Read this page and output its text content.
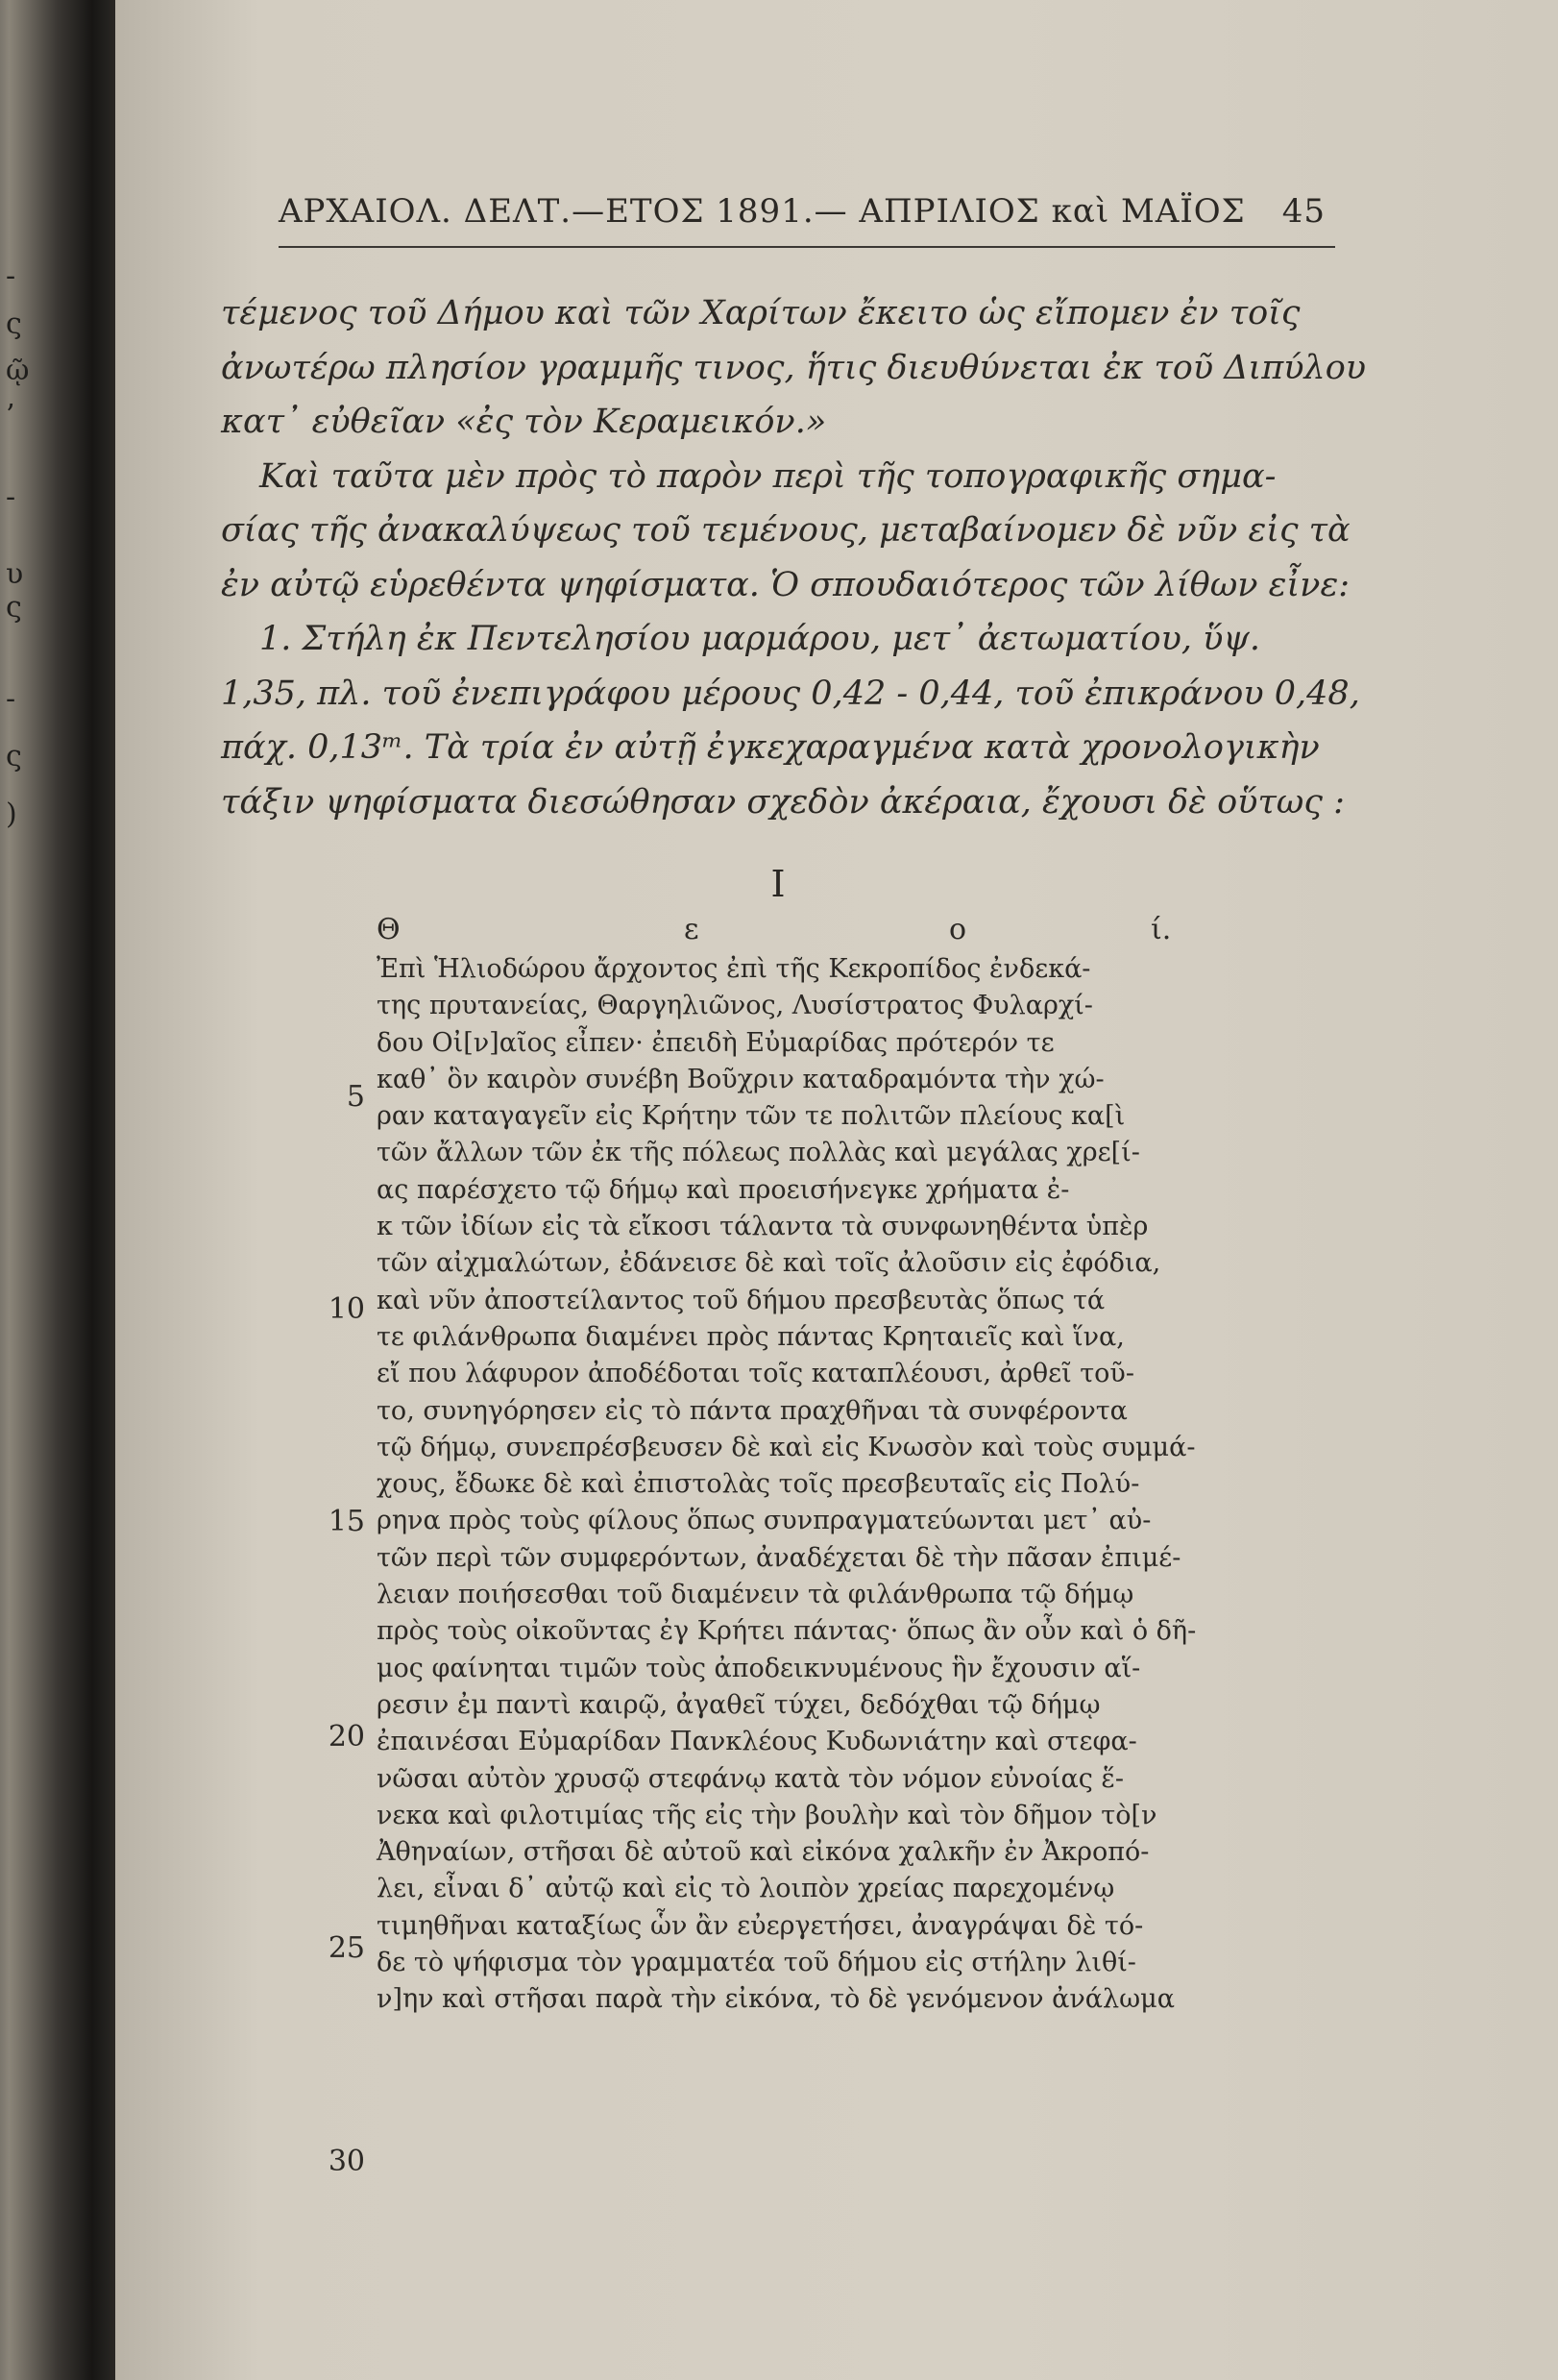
-
ς
ῷ
’
-
υ
ς
-
ς
)
ΑΡΧΑΙΟΛ. ΔΕΛΤ.—ΕΤΟΣ 1891.— ΑΠΡΙΛΙΟΣ καὶ ΜΑΪΟΣ 45
τέμενος τοῦ Δήμου καὶ τῶν Χαρίτων ἔκειτο ὡς εἴπομεν ἐν τοῖς
ἀνωτέρω πλησίον γραμμῆς τινος, ἥτις διευθύνεται ἐκ τοῦ Διπύλου
κατ᾽ εὐθεῖαν «ἐς τὸν Κεραμεικόν.»
Καὶ ταῦτα μὲν πρὸς τὸ παρὸν περὶ τῆς τοπογραφικῆς σημα-
σίας τῆς ἀνακαλύψεως τοῦ τεμένους, μεταβαίνομεν δὲ νῦν εἰς τὰ
ἐν αὐτῷ εὑρεθέντα ψηφίσματα. Ὁ σπουδαιότερος τῶν λίθων εἶνε:
1. Στήλη ἐκ Πεντελησίου μαρμάρου, μετ᾽ ἀετωματίου, ὕψ.
1,35, πλ. τοῦ ἐνεπιγράφου μέρους 0,42 - 0,44, τοῦ ἐπικράνου 0,48,
πάχ. 0,13ᵐ. Τὰ τρία ἐν αὐτῇ ἐγκεχαραγμένα κατὰ χρονολογικὴν
τάξιν ψηφίσματα διεσώθησαν σχεδὸν ἀκέραια, ἔχουσι δὲ οὕτως :
I
Θ	ε	ο	ί.
Ἐπὶ Ἡλιοδώρου ἄρχοντος ἐπὶ τῆς Κεκροπίδος ἐνδεκά-
της πρυτανείας, Θαργηλιῶνος, Λυσίστρατος Φυλαρχί-
δου Οἰ[ν]αῖος εἶπεν· ἐπειδὴ Εὐμαρίδας πρότερόν τε
καθ᾽ ὃν καιρὸν συνέβη Βοῦχριν καταδραμόντα τὴν χώ-
ραν καταγαγεῖν εἰς Κρήτην τῶν τε πολιτῶν πλείους κα[ὶ
τῶν ἄλλων τῶν ἐκ τῆς πόλεως πολλὰς καὶ μεγάλας χρε[ί-
ας παρέσχετο τῷ δήμῳ καὶ προεισήνεγκε χρήματα ἐ-
κ τῶν ἰδίων εἰς τὰ εἴκοσι τάλαντα τὰ συνφωνηθέντα ὑπὲρ
τῶν αἰχμαλώτων, ἐδάνεισε δὲ καὶ τοῖς ἀλοῦσιν εἰς ἐφόδια,
καὶ νῦν ἀποστείλαντος τοῦ δήμου πρεσβευτὰς ὅπως τά
τε φιλάνθρωπα διαμένει πρὸς πάντας Κρηταιεῖς καὶ ἵνα,
εἴ που λάφυρον ἀποδέδοται τοῖς καταπλέουσι, ἀρθεῖ τοῦ-
το, συνηγόρησεν εἰς τὸ πάντα πραχθῆναι τὰ συνφέροντα
τῷ δήμῳ, συνεπρέσβευσεν δὲ καὶ εἰς Κνωσὸν καὶ τοὺς συμμά-
χους, ἔδωκε δὲ καὶ ἐπιστολὰς τοῖς πρεσβευταῖς εἰς Πολύ-
ρηνα πρὸς τοὺς φίλους ὅπως συνπραγματεύωνται μετ᾽ αὐ-
τῶν περὶ τῶν συμφερόντων, ἀναδέχεται δὲ τὴν πᾶσαν ἐπιμέ-
λειαν ποιήσεσθαι τοῦ διαμένειν τὰ φιλάνθρωπα τῷ δήμῳ
πρὸς τοὺς οἰκοῦντας ἐγ Κρήτει πάντας· ὅπως ἂν οὖν καὶ ὁ δῆ-
μος φαίνηται τιμῶν τοὺς ἀποδεικνυμένους ἣν ἔχουσιν αἵ-
ρεσιν ἐμ παντὶ καιρῷ, ἀγαθεῖ τύχει, δεδόχθαι τῷ δήμῳ
ἐπαινέσαι Εὐμαρίδαν Πανκλέους Κυδωνιάτην καὶ στεφα-
νῶσαι αὐτὸν χρυσῷ στεφάνῳ κατὰ τὸν νόμον εὐνοίας ἕ-
νεκα καὶ φιλοτιμίας τῆς εἰς τὴν βουλὴν καὶ τὸν δῆμον τὸ[ν
Ἀθηναίων, στῆσαι δὲ αὐτοῦ καὶ εἰκόνα χαλκῆν ἐν Ἀκροπό-
λει, εἶναι δ᾽ αὐτῷ καὶ εἰς τὸ λοιπὸν χρείας παρεχομένῳ
τιμηθῆναι καταξίως ὧν ἂν εὐεργετήσει, ἀναγράψαι δὲ τό-
δε τὸ ψήφισμα τὸν γραμματέα τοῦ δήμου εἰς στήλην λιθί-
ν]ην καὶ στῆσαι παρὰ τὴν εἰκόνα, τὸ δὲ γενόμενον ἀνάλωμα
5
10
15
20
25
30
